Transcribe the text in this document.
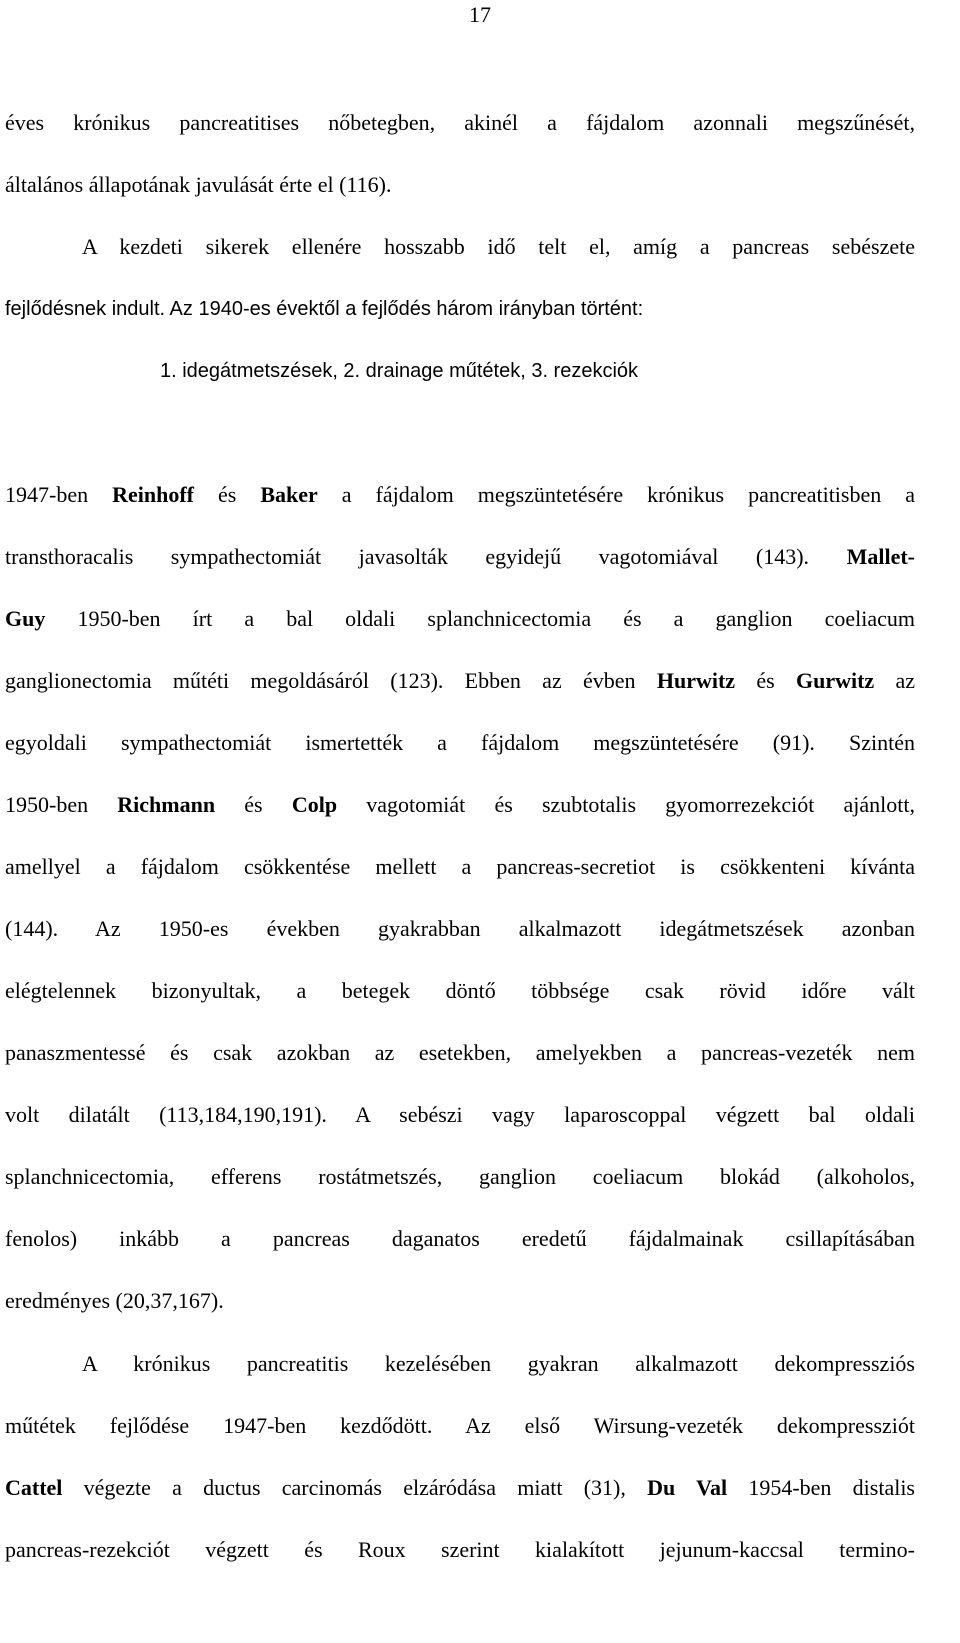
17
éves krónikus pancreatitises nőbetegben, akinél a fájdalom azonnali megszűnését,
általános állapotának javulását érte el (116).
A kezdeti sikerek ellenére hosszabb idő telt el, amíg a pancreas sebészete
fejlődésnek indult. Az 1940-es évektől a fejlődés három irányban történt:
1. idegátmetszések, 2. drainage műtétek, 3. rezekciók
1947-ben Reinhoff és Baker a fájdalom megszüntetésére krónikus pancreatitisben a
transthoracalis sympathectomiát javasolták egyidejű vagotomiával (143). Mallet-
Guy 1950-ben írt a bal oldali splanchnicectomia és a ganglion coeliacum
ganglionectomia műtéti megoldásáról (123). Ebben az évben Hurwitz és Gurwitz az
egyoldali sympathectomiát ismertették a fájdalom megszüntetésére (91). Szintén
1950-ben Richmann és Colp vagotomiát és szubtotalis gyomorrezekciót ajánlott,
amellyel a fájdalom csökkentése mellett a pancreas-secretiot is csökkenteni kívánta
(144). Az 1950-es években gyakrabban alkalmazott idegátmetszések azonban
elégtelennek bizonyultak, a betegek döntő többsége csak rövid időre vált
panaszmentessé és csak azokban az esetekben, amelyekben a pancreas-vezeték nem
volt dilatált (113,184,190,191). A sebészi vagy laparoscoppal végzett bal oldali
splanchnicectomia, efferens rostátmetszés, ganglion coeliacum blokád (alkoholos,
fenolos) inkább a pancreas daganatos eredetű fájdalmainak csillapításában
eredményes (20,37,167).
A krónikus pancreatitis kezelésében gyakran alkalmazott dekompressziós
műtétek fejlődése 1947-ben kezdődött. Az első Wirsung-vezeték dekompressziót
Cattel végezte a ductus carcinomás elzáródása miatt (31), Du Val 1954-ben distalis
pancreas-rezekciót végzett és Roux szerint kialakított jejunum-kaccsal termino-
